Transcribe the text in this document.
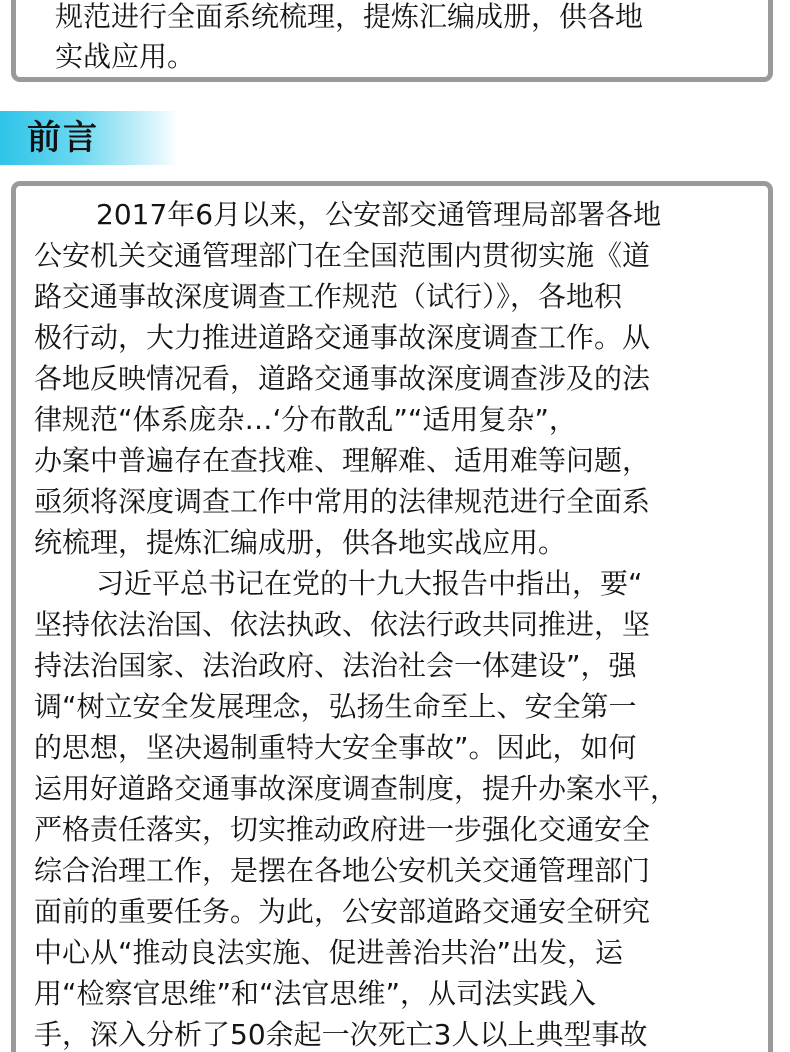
规范进行全面系统梳理，提炼汇编成册，供各地
实战应用。
前言
2017年6月以来，公安部交通管理局部署各地
公安机关交通管理部门在全国范围内贯彻实施《道
路交通事故深度调查工作规范（试行）》，各地积
极行动，大力推进道路交通事故深度调查工作。从
各地反映情况看，道路交通事故深度调查涉及的法
律规范“体系庞杂…‘分布散乱”“适用复杂”，
办案中普遍存在查找难、理解难、适用难等问题，
亟须将深度调查工作中常用的法律规范进行全面系
统梳理，提炼汇编成册，供各地实战应用。
习近平总书记在党的十九大报告中指出，要“
坚持依法治国、依法执政、依法行政共同推进，坚
持法治国家、法治政府、法治社会一体建设”，强
调“树立安全发展理念，弘扬生命至上、安全第一
的思想，坚决遏制重特大安全事故”。因此，如何
运用好道路交通事故深度调查制度，提升办案水平，
严格责任落实，切实推动政府进一步强化交通安全
综合治理工作，是摆在各地公安机关交通管理部门
面前的重要任务。为此，公安部道路交通安全研究
中心从“推动良法实施、促进善治共治”出发，运
用“检察官思维”和“法官思维”，从司法实践入
手，深入分析了50余起一次死亡3人以上典型事故
